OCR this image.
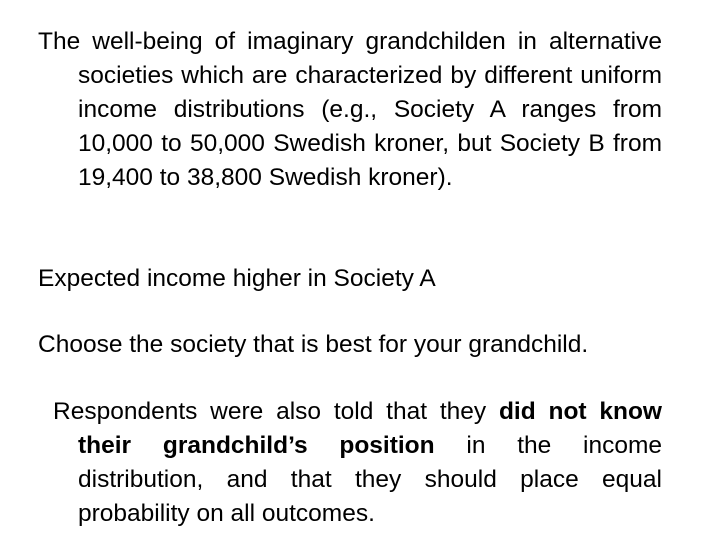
The well-being of imaginary grandchilden in alternative societies which are characterized by different uniform income distributions (e.g., Society A ranges from 10,000 to 50,000 Swedish kroner, but Society B from 19,400 to 38,800 Swedish kroner).

Expected income higher in Society A

Choose the society that is best for your grandchild.

Respondents were also told that they did not know their grandchild’s position in the income distribution, and that they should place equal probability on all outcomes.
